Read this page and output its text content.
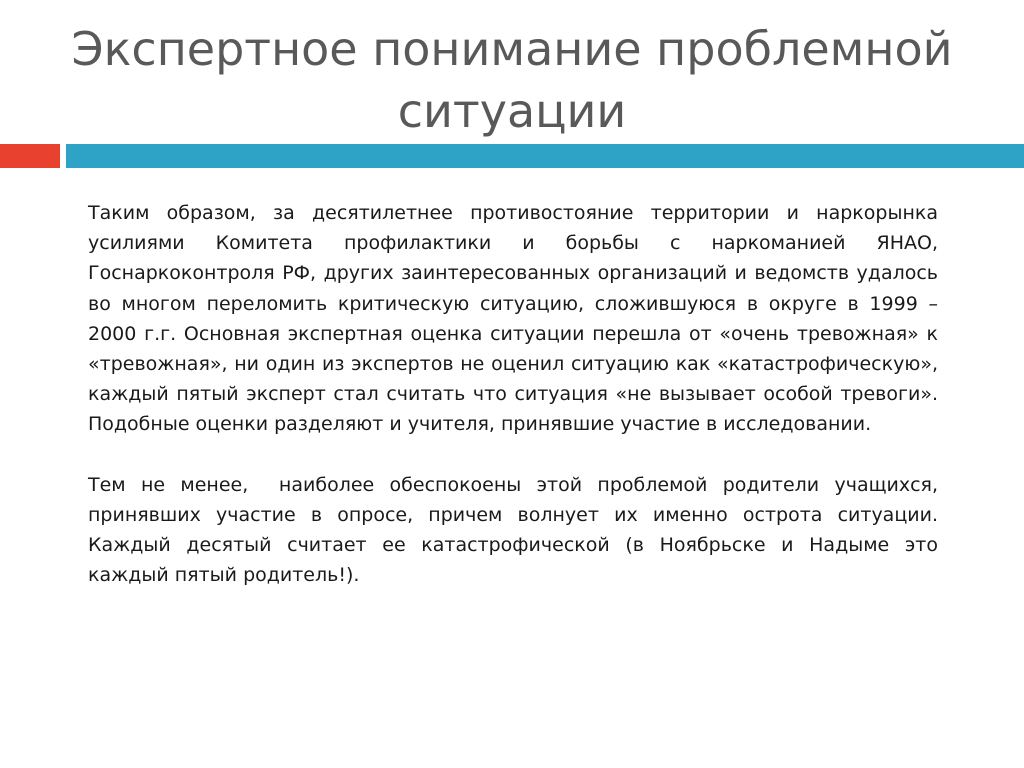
Экспертное понимание проблемной ситуации

Таким образом, за десятилетнее противостояние территории и наркорынка усилиями Комитета профилактики и борьбы с наркоманией ЯНАО, Госнаркоконтроля РФ, других заинтересованных организаций и ведомств удалось во многом переломить критическую ситуацию, сложившуюся в округе в 1999 – 2000 г.г. Основная экспертная оценка ситуации перешла от «очень тревожная» к «тревожная», ни один из экспертов не оценил ситуацию как «катастрофическую», каждый пятый эксперт стал считать что ситуация «не вызывает особой тревоги».  Подобные оценки разделяют и учителя, принявшие участие в исследовании.

Тем не менее,  наиболее обеспокоены этой проблемой родители учащихся, принявших участие в опросе, причем волнует их именно острота ситуации. Каждый десятый считает ее катастрофической (в Ноябрьске и Надыме это каждый пятый родитель!).
